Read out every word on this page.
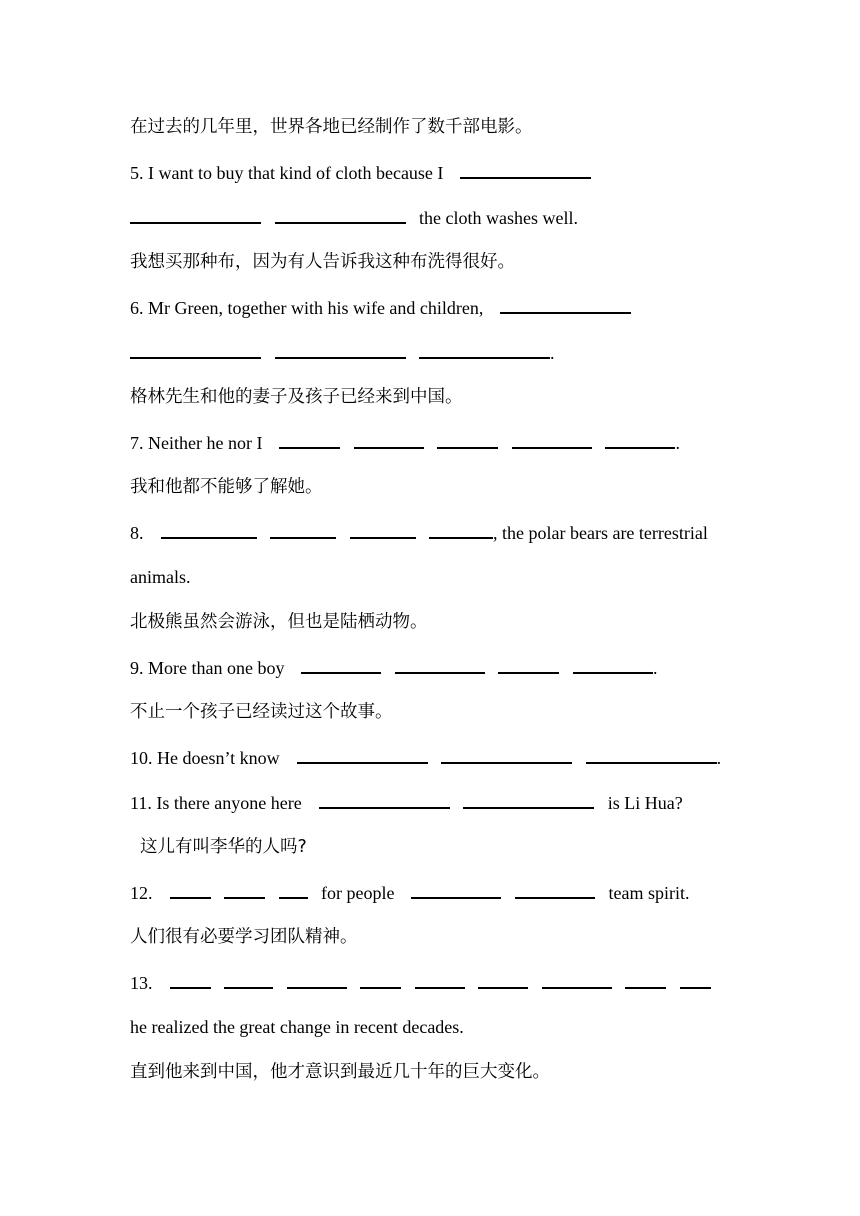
在过去的几年里，世界各地已经制作了数千部电影。
5. I want to buy that kind of cloth because I
the cloth washes well.
我想买那种布，因为有人告诉我这种布洗得很好。
6. Mr Green, together with his wife and children,
.
格林先生和他的妻子及孩子已经来到中国。
7. Neither he nor I	.
我和他都不能够了解她。
8.	, the polar bears are terrestrial
animals.
北极熊虽然会游泳，但也是陆栖动物。
9. More than one boy	.
不止一个孩子已经读过这个故事。
10. He doesn’t know	.
11. Is there anyone here	is Li Hua?
这儿有叫李华的人吗?
12.	for people	team spirit.
人们很有必要学习团队精神。
13.
he realized the great change in recent decades.
直到他来到中国，他才意识到最近几十年的巨大变化。
